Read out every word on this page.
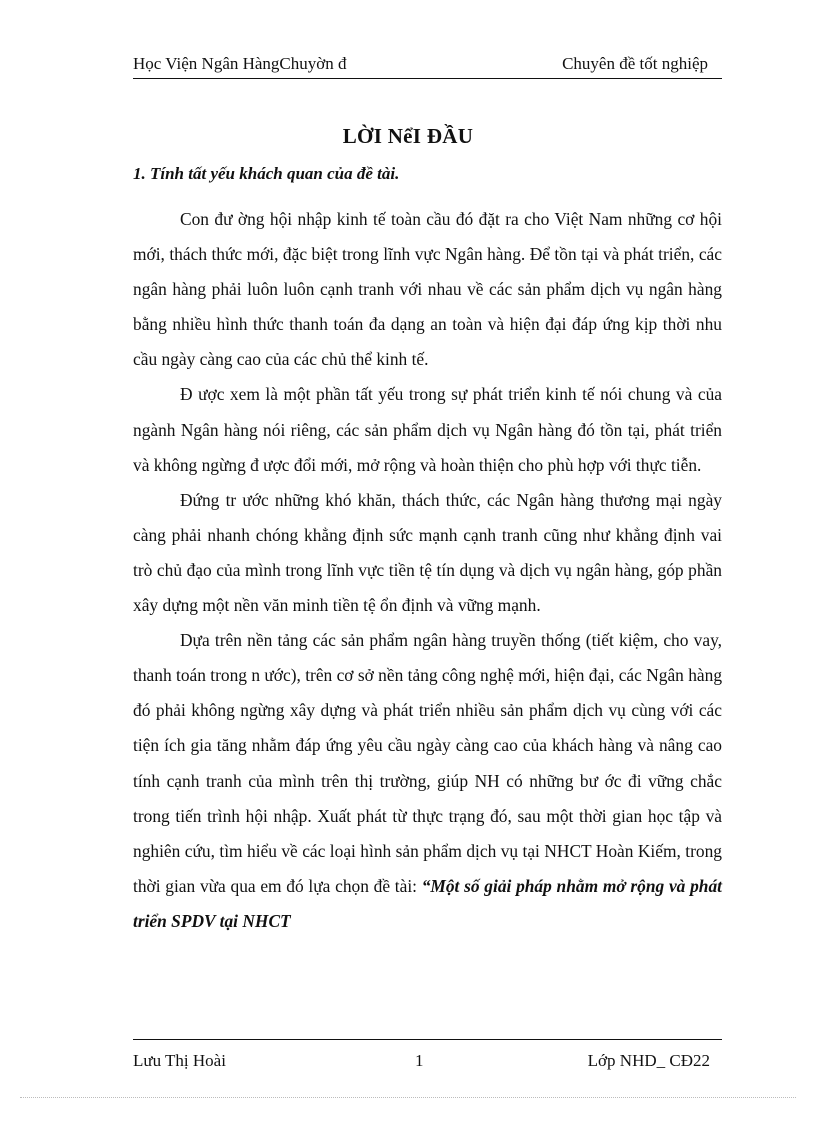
Học Viện Ngân HàngChuyờn đ	Chuyên đề tốt nghiệp
LỜI NểI ĐẦU
1. Tính tất yếu khách quan của đề tài.

Con đư ờng hội nhập kinh tế toàn cầu đó đặt ra cho Việt Nam những cơ hội mới, thách thức mới, đặc biệt trong lĩnh vực Ngân hàng. Để tồn tại và phát triển, các ngân hàng phải luôn luôn cạnh tranh với nhau về các sản phẩm dịch vụ ngân hàng bằng nhiều hình thức thanh toán đa dạng an toàn và hiện đại đáp ứng kịp thời nhu cầu ngày càng cao của các chủ thể kinh tế.

Đ ược xem là một phần tất yếu trong sự phát triển kinh tế nói chung và của ngành Ngân hàng nói riêng, các sản phẩm dịch vụ Ngân hàng đó tồn tại, phát triển và không ngừng đ ược đổi mới, mở rộng và hoàn thiện cho phù hợp với thực tiễn.

Đứng tr ước những khó khăn, thách thức, các Ngân hàng thương mại ngày càng phải nhanh chóng khẳng định sức mạnh cạnh tranh cũng như khẳng định vai trò chủ đạo của mình trong lĩnh vực tiền tệ tín dụng và dịch vụ ngân hàng, góp phần xây dựng một nền văn minh tiền tệ ổn định và vững mạnh.

Dựa trên nền tảng các sản phẩm ngân hàng truyền thống (tiết kiệm, cho vay, thanh toán trong n ước), trên cơ sở nền tảng công nghệ mới, hiện đại, các Ngân hàng đó phải không ngừng xây dựng và phát triển nhiều sản phẩm dịch vụ cùng với các tiện ích gia tăng nhằm đáp ứng yêu cầu ngày càng cao của khách hàng và nâng cao tính cạnh tranh của mình trên thị trường, giúp NH có những bư ớc đi vững chắc trong tiến trình hội nhập. Xuất phát từ thực trạng đó, sau một thời gian học tập và nghiên cứu, tìm hiểu về các loại hình sản phẩm dịch vụ tại NHCT Hoàn Kiếm, trong thời gian vừa qua em đó lựa chọn đề tài: “Một số giải pháp nhằm mở rộng và phát triển SPDV tại NHCT

Lưu Thị Hoài	1	Lớp NHD_ CĐ22
